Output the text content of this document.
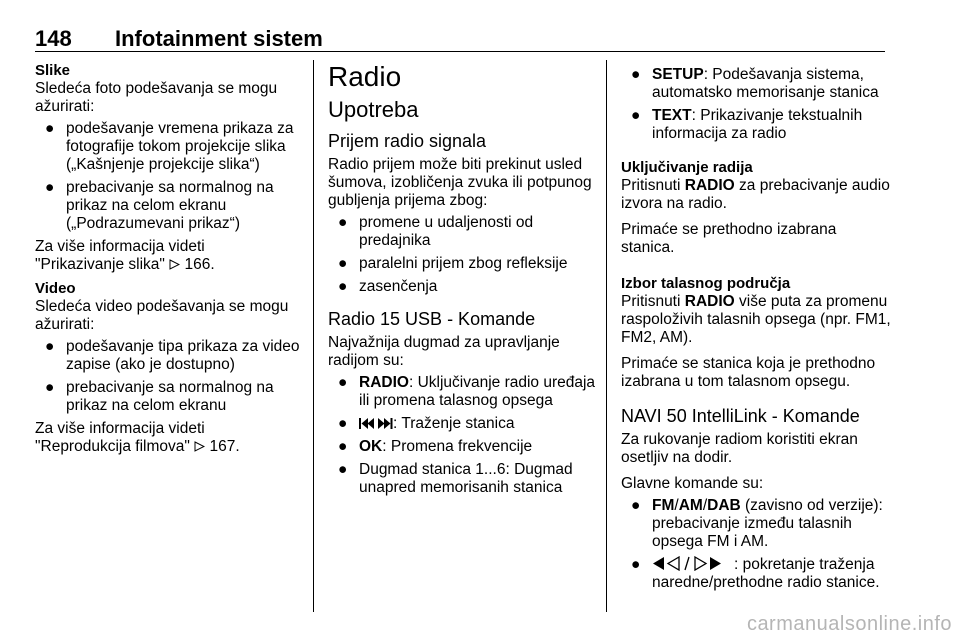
148 Infotainment sistem
Slike

Sledeća foto podešavanja se mogu ažurirati:

● podešavanje vremena prikaza za fotografije tokom projekcije slika („Kašnjenje projekcije slika“)
● prebacivanje sa normalnog na prikaz na celom ekranu („Podrazumevani prikaz“)

Za više informacija videti
"Prikazivanje slika" 166.

Video

Sledeća video podešavanja se mogu ažurirati:

● podešavanje tipa prikaza za video zapise (ako je dostupno)
● prebacivanje sa normalnog na prikaz na celom ekranu

Za više informacija videti
"Reprodukcija filmova" 167.

Radio
Upotreba
Prijem radio signala

Radio prijem može biti prekinut usled šumova, izobličenja zvuka ili potpunog gubljenja prijema zbog:

● promene u udaljenosti od predajnika
● paralelni prijem zbog refleksije
● zasenčenja
Radio 15 USB - Komande

Najvažnija dugmad za upravljanje radijom su:

● RADIO: Uključivanje radio uređaja ili promena talasnog opsega
●	: Traženje stanica
● OK: Promena frekvencije
● Dugmad stanica 1...6: Dugmad unapred memorisanih stanica
● SETUP: Podešavanja sistema, automatsko memorisanje stanica
● TEXT: Prikazivanje tekstualnih informacija za radio
Uključivanje radija

Pritisnuti RADIO za prebacivanje audio izvora na radio.

Primaće se prethodno izabrana stanica.

Izbor talasnog područja

Pritisnuti RADIO više puta za promenu raspoloživih talasnih opsega (npr. FM1, FM2, AM).

Primaće se stanica koja je prethodno izabrana u tom talasnom opsegu.

NAVI 50 IntelliLink - Komande

Za rukovanje radiom koristiti ekran osetljiv na dodir.

Glavne komande su:

● FM/AM/DAB (zavisno od verzije): prebacivanje između talasnih opsega FM i AM.
●	: pokretanje traženja naredne/prethodne radio stanice.
carmanualsonline.info
